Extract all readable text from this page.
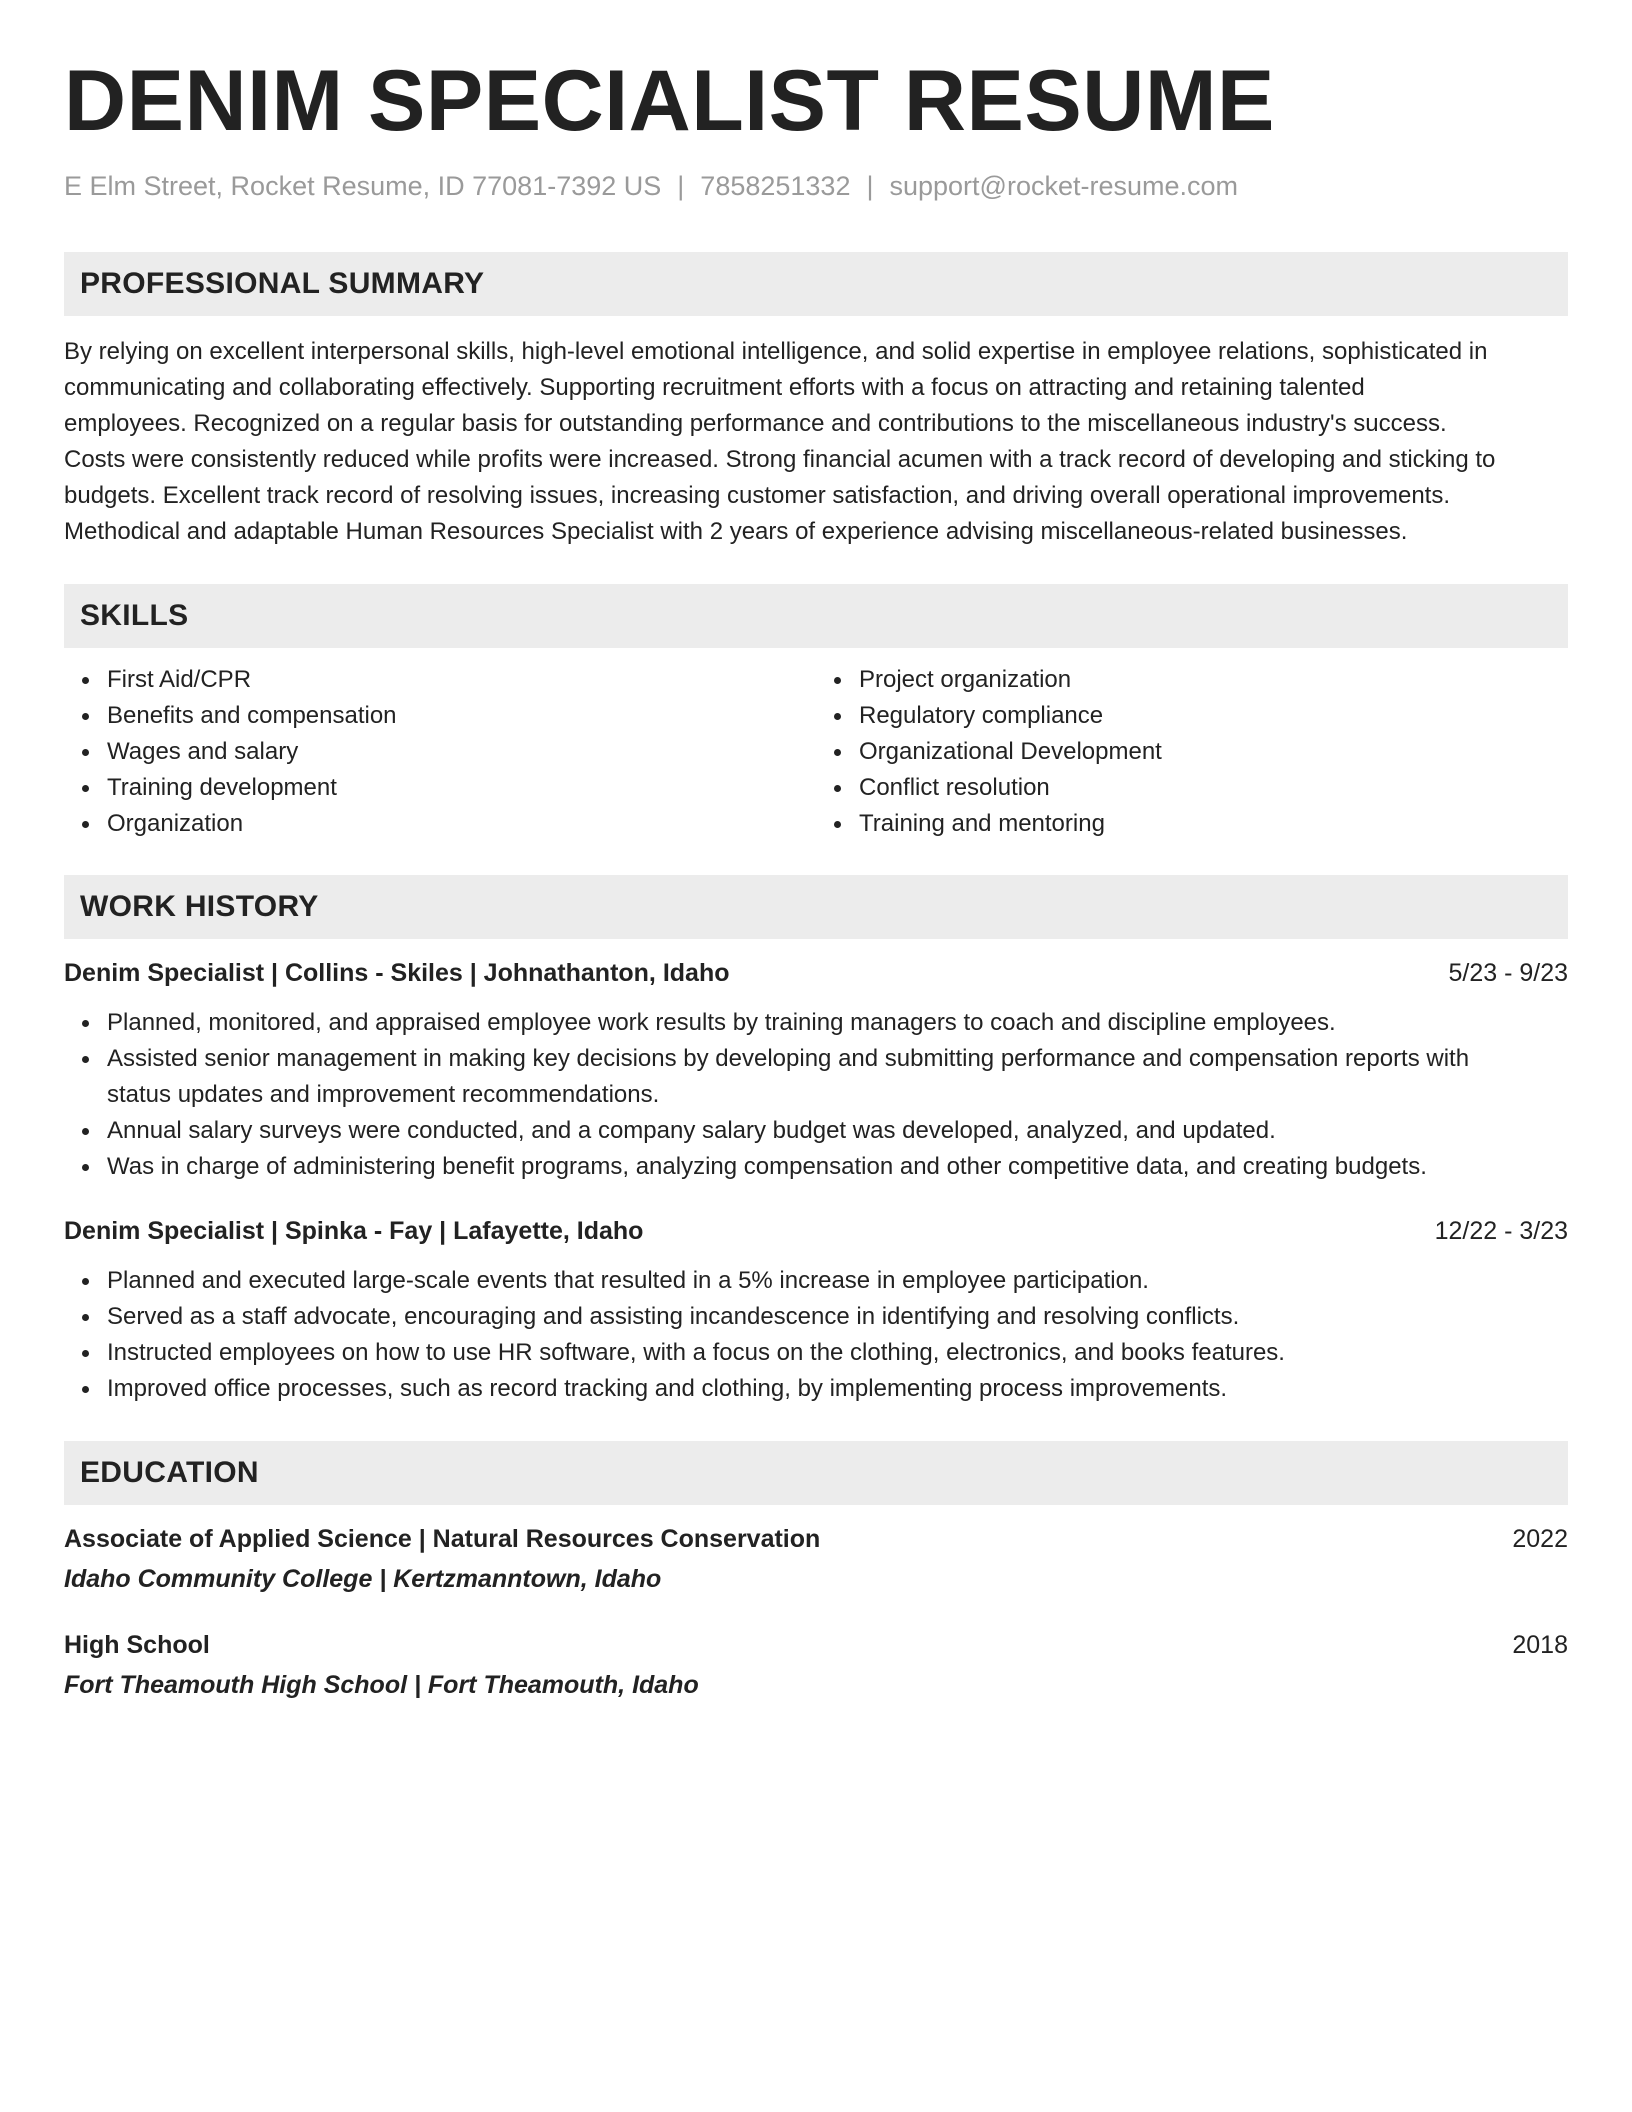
DENIM SPECIALIST RESUME
E Elm Street, Rocket Resume, ID 77081-7392 US | 7858251332 | support@rocket-resume.com
PROFESSIONAL SUMMARY
By relying on excellent interpersonal skills, high-level emotional intelligence, and solid expertise in employee relations, sophisticated in
communicating and collaborating effectively. Supporting recruitment efforts with a focus on attracting and retaining talented
employees. Recognized on a regular basis for outstanding performance and contributions to the miscellaneous industry's success.
Costs were consistently reduced while profits were increased. Strong financial acumen with a track record of developing and sticking to
budgets. Excellent track record of resolving issues, increasing customer satisfaction, and driving overall operational improvements.
Methodical and adaptable Human Resources Specialist with 2 years of experience advising miscellaneous-related businesses.
SKILLS
First Aid/CPR
Benefits and compensation
Wages and salary
Training development
Organization
Project organization
Regulatory compliance
Organizational Development
Conflict resolution
Training and mentoring
WORK HISTORY
Denim Specialist | Collins - Skiles | Johnathanton, Idaho	5/23 - 9/23
Planned, monitored, and appraised employee work results by training managers to coach and discipline employees.
Assisted senior management in making key decisions by developing and submitting performance and compensation reports with
status updates and improvement recommendations.
Annual salary surveys were conducted, and a company salary budget was developed, analyzed, and updated.
Was in charge of administering benefit programs, analyzing compensation and other competitive data, and creating budgets.
Denim Specialist | Spinka - Fay | Lafayette, Idaho	12/22 - 3/23
Planned and executed large-scale events that resulted in a 5% increase in employee participation.
Served as a staff advocate, encouraging and assisting incandescence in identifying and resolving conflicts.
Instructed employees on how to use HR software, with a focus on the clothing, electronics, and books features.
Improved office processes, such as record tracking and clothing, by implementing process improvements.
EDUCATION
Associate of Applied Science | Natural Resources Conservation	2022
Idaho Community College | Kertzmanntown, Idaho
High School	2018
Fort Theamouth High School | Fort Theamouth, Idaho
